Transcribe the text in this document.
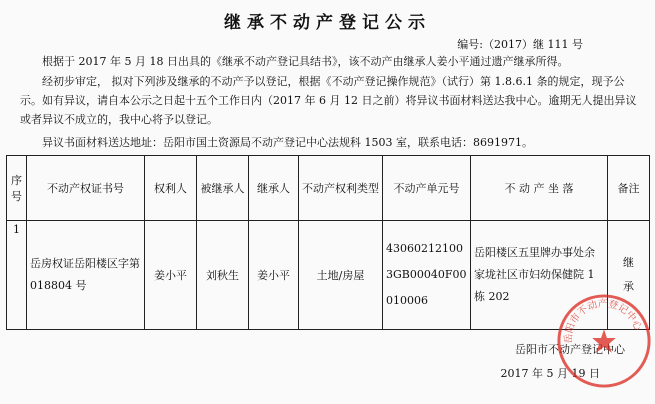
继承不动产登记公示
编号:（2017）继 111 号
根据于 2017 年 5 月 18 日出具的《继承不动产登记具结书》，该不动产由继承人姜小平通过遗产继承所得。
经初步审定， 拟对下列涉及继承的不动产予以登记，根据《不动产登记操作规范》（试行）第 1.8.6.1 条的规定，现予公示。如有异议，请自本公示之日起十五个工作日内（2017 年 6 月 12 日之前）将异议书面材料送达我中心。逾期无人提出异议或者异议不成立的，我中心将予以登记。
异议书面材料送达地址：岳阳市国土资源局不动产登记中心法规科 1503 室，联系电话：8691971。
序号	不动产权证书号	权利人	被继承人	继承人	不动产权利类型	不动产单元号	不 动 产 坐 落	备注
1	岳房权证岳阳楼区字第 018804 号	姜小平	刘秋生	姜小平	土地/房屋	430602121003GB00040F00010006	岳阳楼区五里牌办事处余家垅社区市妇幼保健院 1 栋 202	继承
岳阳市不动产登记中心
2017 年 5 月 19 日
岳阳市不动产登记中心
